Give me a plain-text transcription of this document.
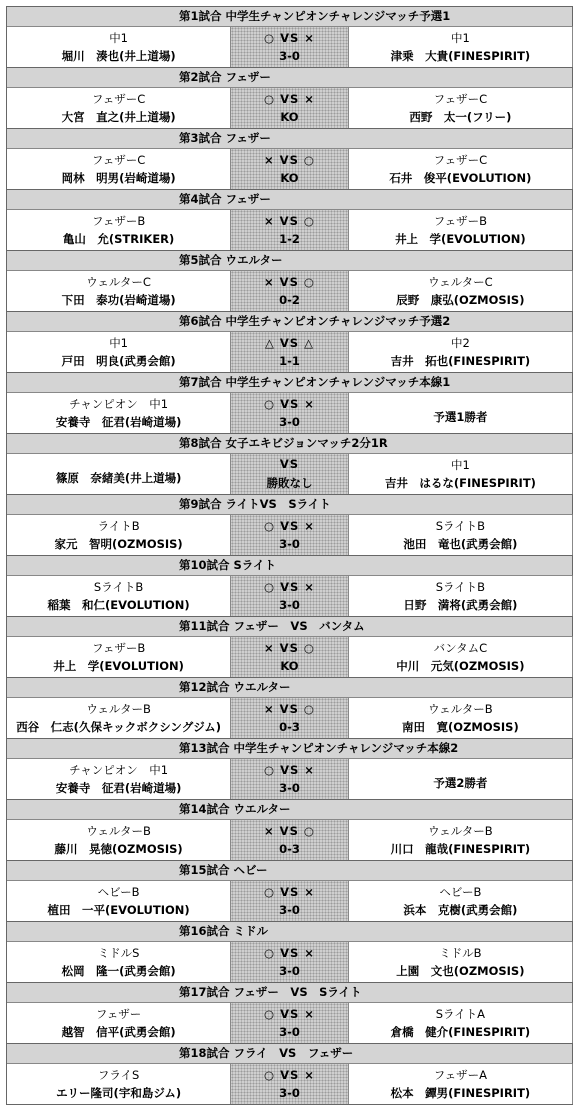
第1試合 中学生チャンピオンチャレンジマッチ予選1
中1
堀川　湊也(井上道場)
○ VS ×
3-0
中1
津乗　大貴(FINESPIRIT)
第2試合 フェザー
フェザーC
大宮　直之(井上道場)
○ VS ×
KO
フェザーC
西野　太一(フリー)
第3試合 フェザー
フェザーC
岡林　明男(岩崎道場)
× VS ○
KO
フェザーC
石井　俊平(EVOLUTION)
第4試合 フェザー
フェザーB
亀山　允(STRIKER)
× VS ○
1-2
フェザーB
井上　学(EVOLUTION)
第5試合 ウエルター
ウェルターC
下田　泰功(岩崎道場)
× VS ○
0-2
ウェルターC
辰野　康弘(OZMOSIS)
第6試合 中学生チャンピオンチャレンジマッチ予選2
中1
戸田　明良(武勇会館)
△ VS △
1-1
中2
吉井　拓也(FINESPIRIT)
第7試合 中学生チャンピオンチャレンジマッチ本線1
チャンピオン　中1
安養寺　征君(岩崎道場)
○ VS ×
3-0	予選1勝者
第8試合 女子エキビジョンマッチ2分1R
篠原　奈緒美(井上道場)
VS
勝敗なし
中1
吉井　はるな(FINESPIRIT)
第9試合 ライトVS　Sライト
ライトB
家元　智明(OZMOSIS)
○ VS ×
3-0
SライトB
池田　竜也(武勇会館)
第10試合 Sライト
SライトB
稲葉　和仁(EVOLUTION)
○ VS ×
3-0
SライトB
日野　満将(武勇会館)
第11試合 フェザー　VS　バンタム
フェザーB
井上　学(EVOLUTION)
× VS ○
KO
バンタムC
中川　元気(OZMOSIS)
第12試合 ウエルター
ウェルターB
西谷　仁志(久保キックボクシングジム)
× VS ○
0-3
ウェルターB
南田　寛(OZMOSIS)
第13試合 中学生チャンピオンチャレンジマッチ本線2
チャンピオン　中1
安養寺　征君(岩崎道場)
○ VS ×
3-0	予選2勝者
第14試合 ウエルター
ウェルターB
藤川　晃徳(OZMOSIS)
× VS ○
0-3
ウェルターB
川口　龍哉(FINESPIRIT)
第15試合 ヘビー
ヘビーB
植田　一平(EVOLUTION)
○ VS ×
3-0
ヘビーB
浜本　克樹(武勇会館)
第16試合 ミドル
ミドルS
松岡　隆一(武勇会館)
○ VS ×
3-0
ミドルB
上園　文也(OZMOSIS)
第17試合 フェザー　VS　Sライト
フェザー
越智　信平(武勇会館)
○ VS ×
3-0
SライトA
倉橋　健介(FINESPIRIT)
第18試合 フライ　VS　フェザー
フライS
エリー隆司(宇和島ジム)
○ VS ×
3-0
フェザーA
松本　鐔男(FINESPIRIT)
